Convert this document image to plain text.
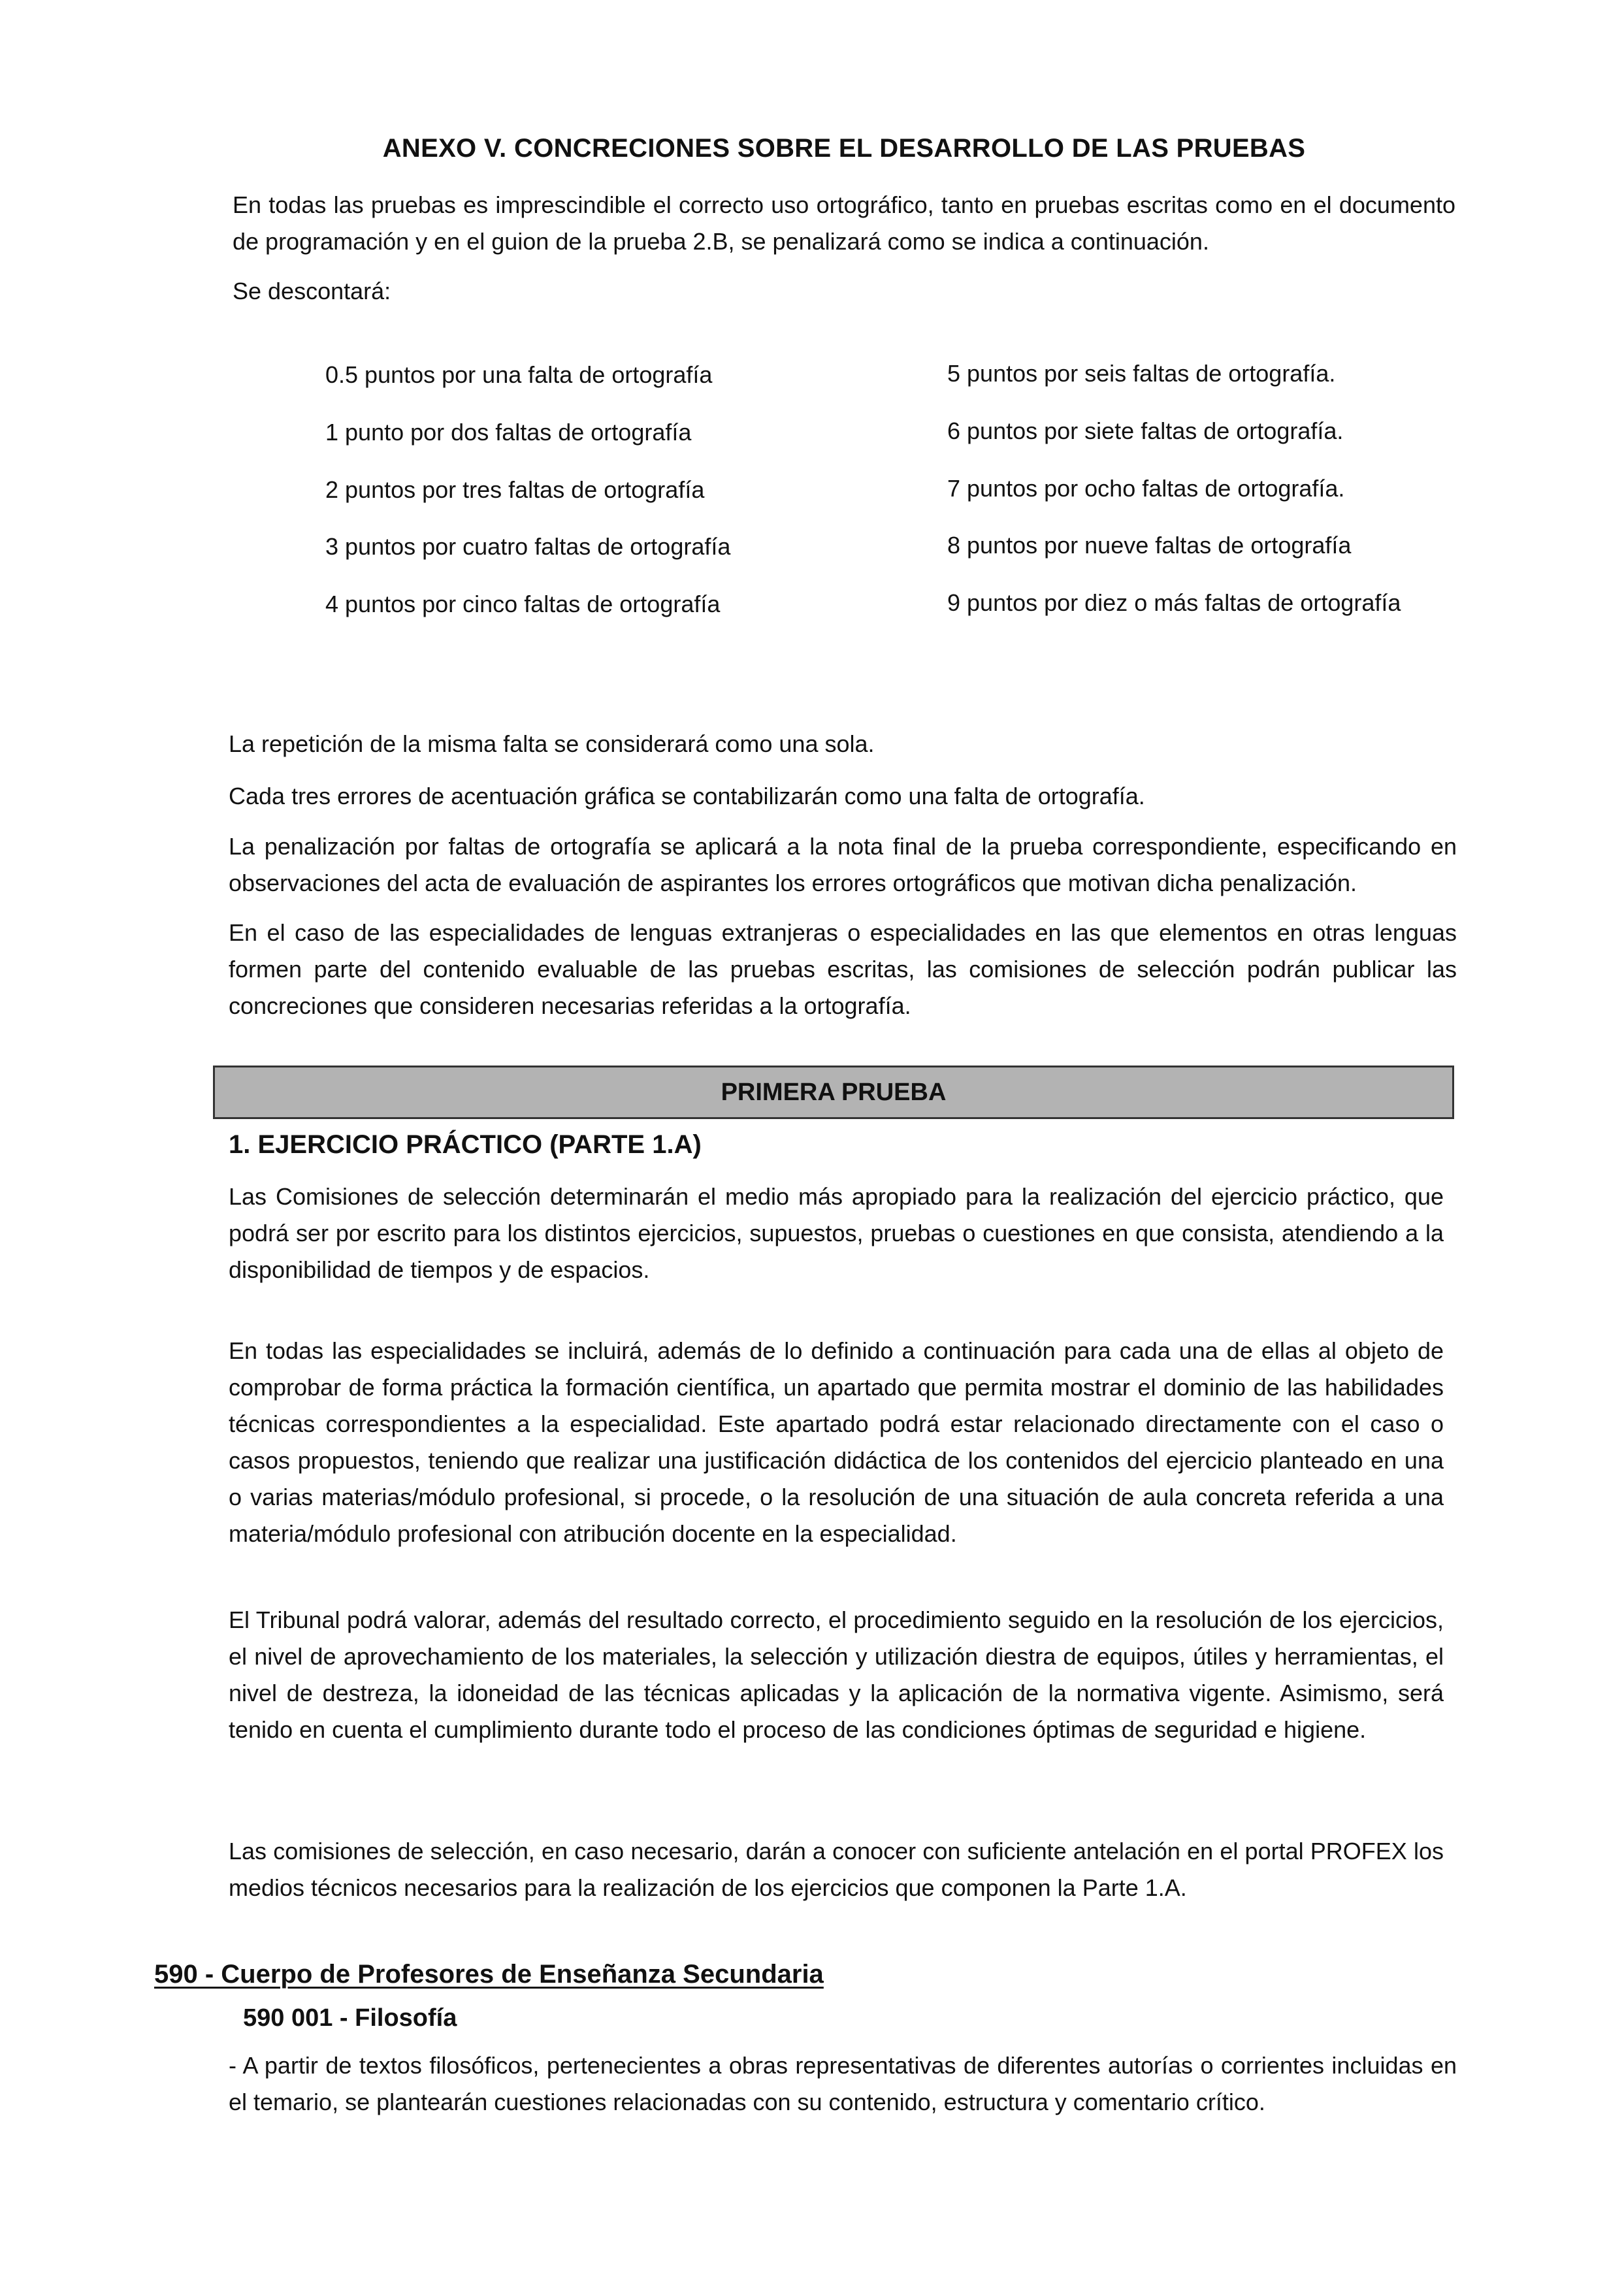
ANEXO V. CONCRECIONES SOBRE EL DESARROLLO DE LAS PRUEBAS
En todas las pruebas es imprescindible el correcto uso ortográfico, tanto en pruebas escritas como en el documento de programación y en el guion de la prueba 2.B, se penalizará como se indica a continuación.
Se descontará:
0.5 puntos por una falta de ortografía
1 punto por dos faltas de ortografía
2 puntos por tres faltas de ortografía
3 puntos por cuatro faltas de ortografía
4 puntos por cinco faltas de ortografía
5 puntos por seis faltas de ortografía.
6 puntos por siete faltas de ortografía.
7 puntos por ocho faltas de ortografía.
8 puntos por nueve faltas de ortografía
9 puntos por diez o más faltas de ortografía
La repetición de la misma falta se considerará como una sola.
Cada tres errores de acentuación gráfica se contabilizarán como una falta de ortografía.
La penalización por faltas de ortografía se aplicará a la nota final de la prueba correspondiente, especificando en observaciones del acta de evaluación de aspirantes los errores ortográficos que motivan dicha penalización.
En el caso de las especialidades de lenguas extranjeras o especialidades en las que elementos en otras lenguas formen parte del contenido evaluable de las pruebas escritas, las comisiones de selección podrán publicar las concreciones que consideren necesarias referidas a la ortografía.
PRIMERA PRUEBA
1. EJERCICIO PRÁCTICO (PARTE 1.A)
Las Comisiones de selección determinarán el medio más apropiado para la realización del ejercicio práctico, que podrá ser por escrito para los distintos ejercicios, supuestos, pruebas o cuestiones en que consista, atendiendo a la disponibilidad de tiempos y de espacios.
En todas las especialidades se incluirá, además de lo definido a continuación para cada una de ellas al objeto de comprobar de forma práctica la formación científica, un apartado que permita mostrar el dominio de las habilidades técnicas correspondientes a la especialidad. Este apartado podrá estar relacionado directamente con el caso o casos propuestos, teniendo que realizar una justificación didáctica de los contenidos del ejercicio planteado en una o varias materias/módulo profesional, si procede, o la resolución de una situación de aula concreta referida a una materia/módulo profesional con atribución docente en la especialidad.
El Tribunal podrá valorar, además del resultado correcto, el procedimiento seguido en la resolución de los ejercicios, el nivel de aprovechamiento de los materiales, la selección y utilización diestra de equipos, útiles y herramientas, el nivel de destreza, la idoneidad de las técnicas aplicadas y la aplicación de la normativa vigente. Asimismo, será tenido en cuenta el cumplimiento durante todo el proceso de las condiciones óptimas de seguridad e higiene.
Las comisiones de selección, en caso necesario, darán a conocer con suficiente antelación en el portal PROFEX los medios técnicos necesarios para la realización de los ejercicios que componen la Parte 1.A.
590 - Cuerpo de Profesores de Enseñanza Secundaria
590 001 - Filosofía
- A partir de textos filosóficos, pertenecientes a obras representativas de diferentes autorías o corrientes incluidas en el temario, se plantearán cuestiones relacionadas con su contenido, estructura y comentario crítico.
